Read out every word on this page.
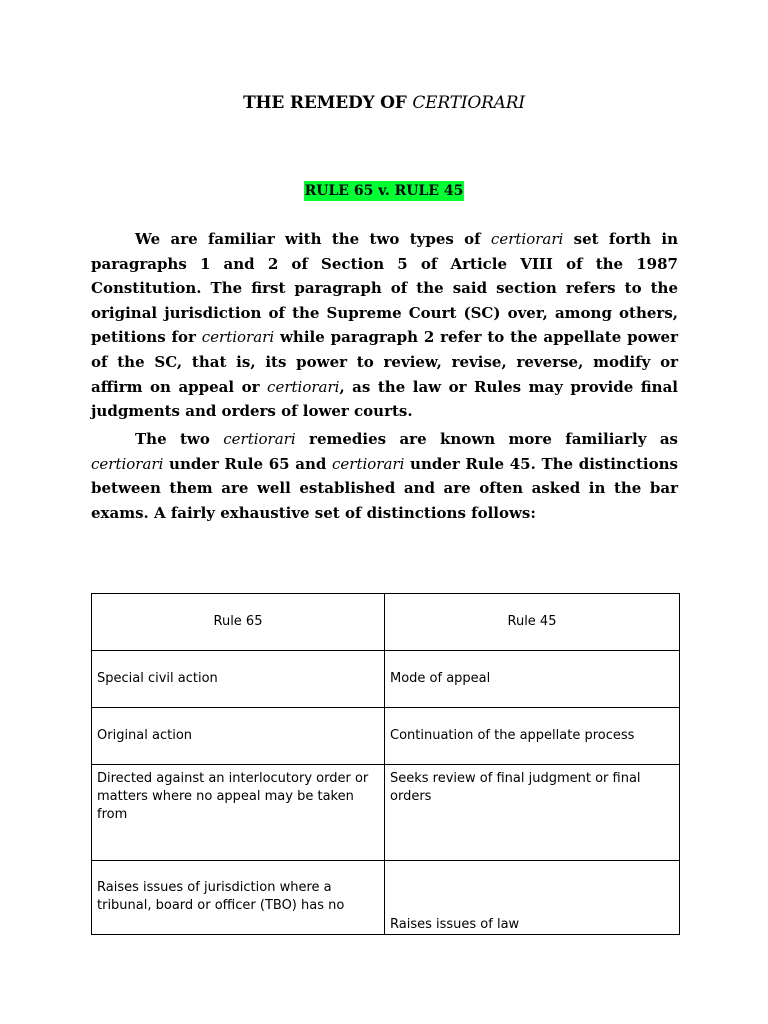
THE REMEDY OF CERTIORARI

RULE 65 v. RULE 45

We are familiar with the two types of certiorari set forth in paragraphs 1 and 2 of Section 5 of Article VIII of the 1987 Constitution. The first paragraph of the said section refers to the original jurisdiction of the Supreme Court (SC) over, among others, petitions for certiorari while paragraph 2 refer to the appellate power of the SC, that is, its power to review, revise, reverse, modify or affirm on appeal or certiorari, as the law or Rules may provide final judgments and orders of lower courts.

The two certiorari remedies are known more familiarly as certiorari under Rule 65 and certiorari under Rule 45. The distinctions between them are well established and are often asked in the bar exams. A fairly exhaustive set of distinctions follows:

Rule 65	Rule 45
Special civil action	Mode of appeal
Original action	Continuation of the appellate process
Directed against an interlocutory order or matters where no appeal may be taken from	Seeks review of final judgment or final orders
Raises issues of jurisdiction where a tribunal, board or officer (TBO) has no	Raises issues of law
